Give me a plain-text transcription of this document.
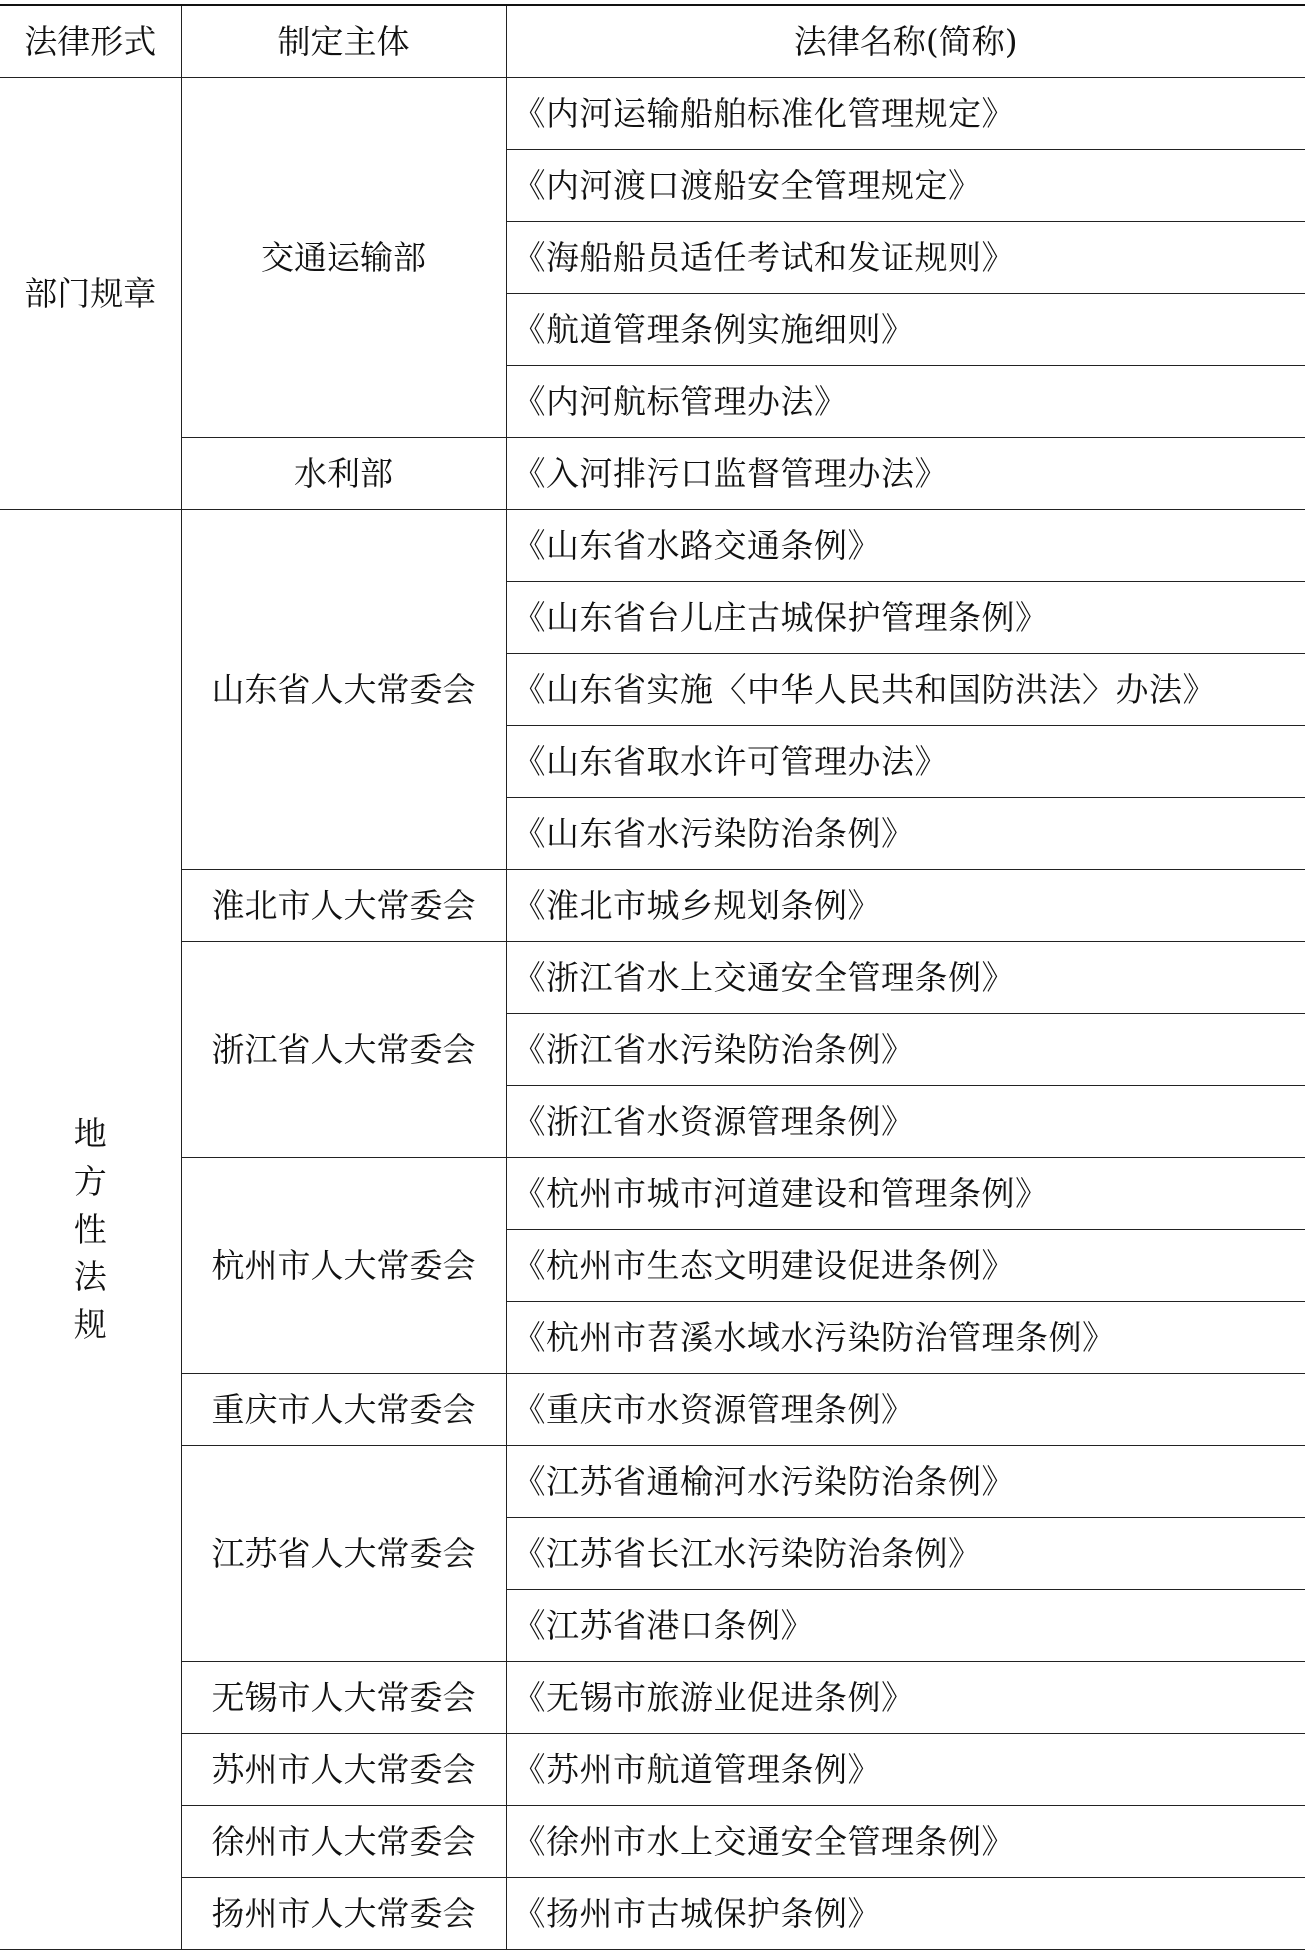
法律形式	制定主体	法律名称(简称)
部门规章	交通运输部	《内河运输船舶标准化管理规定》
		《内河渡口渡船安全管理规定》
		《海船船员适任考试和发证规则》
		《航道管理条例实施细则》
		《内河航标管理办法》
	水利部	《入河排污口监督管理办法》
地方性法规	山东省人大常委会	《山东省水路交通条例》
		《山东省台儿庄古城保护管理条例》
		《山东省实施〈中华人民共和国防洪法〉办法》
		《山东省取水许可管理办法》
		《山东省水污染防治条例》
	淮北市人大常委会	《淮北市城乡规划条例》
	浙江省人大常委会	《浙江省水上交通安全管理条例》
		《浙江省水污染防治条例》
		《浙江省水资源管理条例》
	杭州市人大常委会	《杭州市城市河道建设和管理条例》
		《杭州市生态文明建设促进条例》
		《杭州市苕溪水域水污染防治管理条例》
	重庆市人大常委会	《重庆市水资源管理条例》
	江苏省人大常委会	《江苏省通榆河水污染防治条例》
		《江苏省长江水污染防治条例》
		《江苏省港口条例》
	无锡市人大常委会	《无锡市旅游业促进条例》
	苏州市人大常委会	《苏州市航道管理条例》
	徐州市人大常委会	《徐州市水上交通安全管理条例》
	扬州市人大常委会	《扬州市古城保护条例》
